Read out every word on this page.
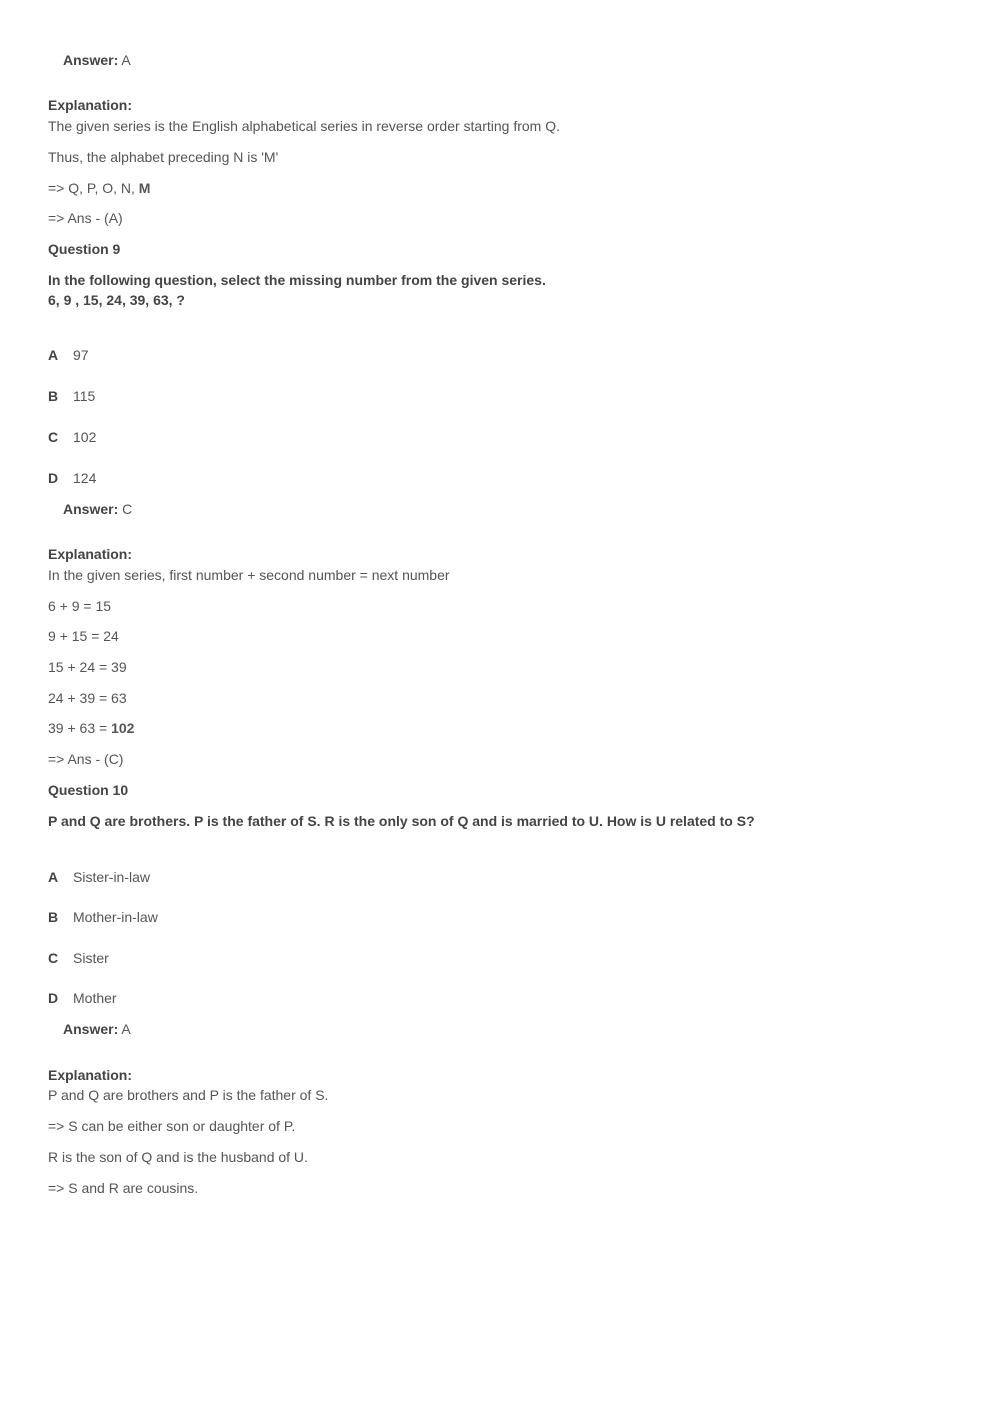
Answer: A
Explanation:
The given series is the English alphabetical series in reverse order starting from Q.
Thus, the alphabet preceding N is 'M'
=> Q, P, O, N, M
=> Ans - (A)
Question 9
In the following question, select the missing number from the given series.
6, 9 , 15, 24, 39, 63, ?
A 97
B 115
C 102
D 124
Answer: C
Explanation:
In the given series, first number + second number = next number
6 + 9 = 15
9 + 15 = 24
15 + 24 = 39
24 + 39 = 63
39 + 63 = 102
=> Ans - (C)
Question 10
P and Q are brothers. P is the father of S. R is the only son of Q and is married to U. How is U related to S?
A Sister-in-law
B Mother-in-law
C Sister
D Mother
Answer: A
Explanation:
P and Q are brothers and P is the father of S.
=> S can be either son or daughter of P.
R is the son of Q and is the husband of U.
=> S and R are cousins.
